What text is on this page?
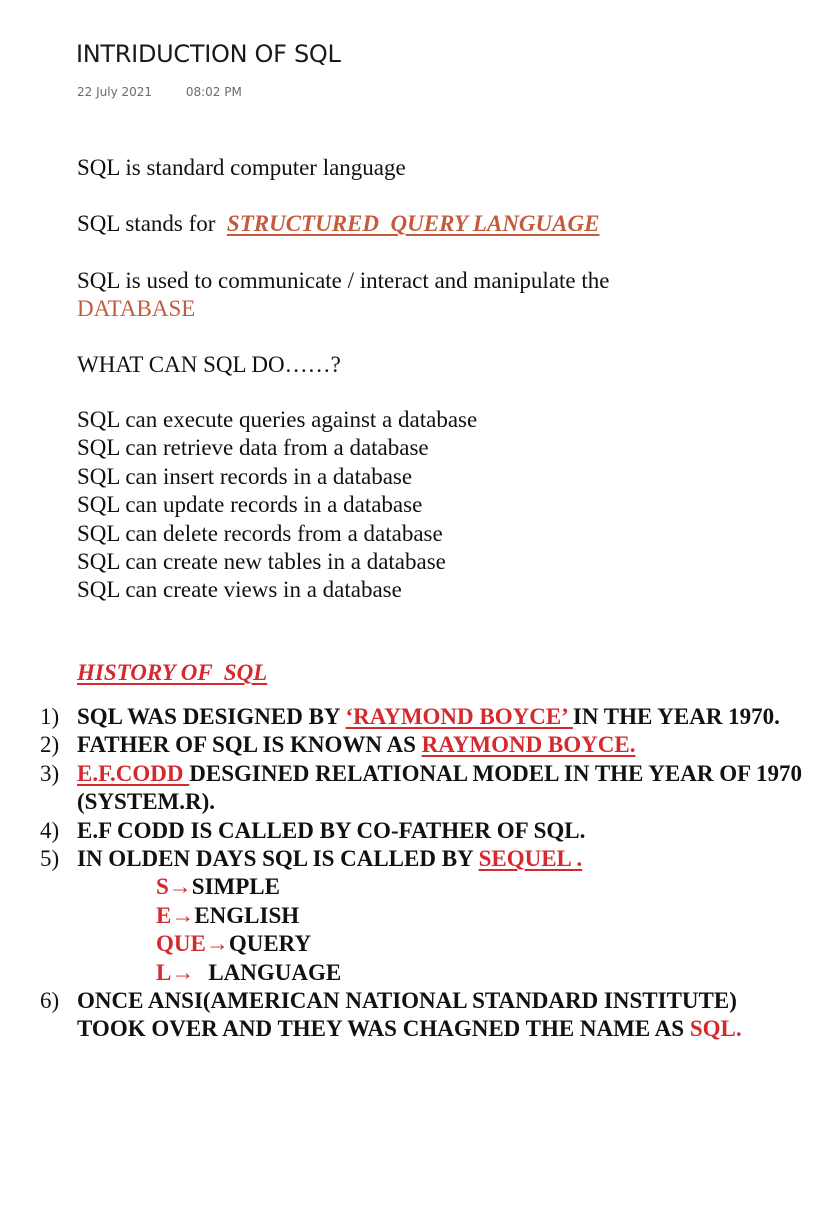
INTRIDUCTION OF SQL
22 July 2021	08:02 PM
SQL is standard computer language
SQL stands for  STRUCTURED  QUERY LANGUAGE
SQL is used to communicate / interact and manipulate the
DATABASE
WHAT CAN SQL DO……?
SQL can execute queries against a database
SQL can retrieve data from a database
SQL can insert records in a database
SQL can update records in a database
SQL can delete records from a database
SQL can create new tables in a database
SQL can create views in a database
HISTORY OF  SQL
1) SQL WAS DESIGNED BY ‘RAYMOND BOYCE’ IN THE YEAR 1970.
2) FATHER OF SQL IS KNOWN AS RAYMOND BOYCE.
3) E.F.CODD DESGINED RELATIONAL MODEL IN THE YEAR OF 1970 (SYSTEM.R).
4) E.F CODD IS CALLED BY CO-FATHER OF SQL.
5) IN OLDEN DAYS SQL IS CALLED BY SEQUEL .
S→SIMPLE
E→ENGLISH
QUE→QUERY
L→ LANGUAGE
6) ONCE ANSI(AMERICAN NATIONAL STANDARD INSTITUTE) TOOK OVER AND THEY WAS CHAGNED THE NAME AS SQL.
